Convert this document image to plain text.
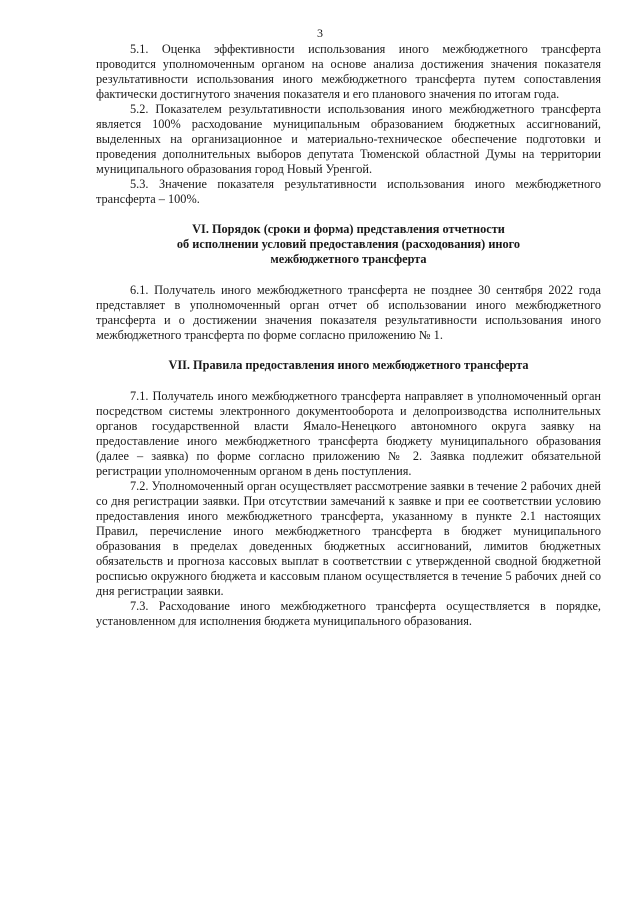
3

5.1. Оценка эффективности использования иного межбюджетного трансферта проводится уполномоченным органом на основе анализа достижения значения показателя результативности использования иного межбюджетного трансферта путем сопоставления фактически достигнутого значения показателя и его планового значения по итогам года.

5.2. Показателем результативности использования иного межбюджетного трансферта является 100% расходование муниципальным образованием бюджетных ассигнований, выделенных на организационное и материально-техническое обеспечение подготовки и проведения дополнительных выборов депутата Тюменской областной Думы на территории муниципального образования город Новый Уренгой.

5.3. Значение показателя результативности использования иного межбюджетного трансферта – 100%.

VI. Порядок (сроки и форма) представления отчетности

об исполнении условий предоставления (расходования) иного

межбюджетного трансферта

6.1. Получатель иного межбюджетного трансферта не позднее 30 сентября 2022 года представляет в уполномоченный орган отчет об использовании иного межбюджетного трансферта и о достижении значения показателя результативности использования иного межбюджетного трансферта по форме согласно приложению № 1.

VII. Правила предоставления иного межбюджетного трансферта

7.1. Получатель иного межбюджетного трансферта направляет в уполномоченный орган посредством системы электронного документооборота и делопроизводства исполнительных органов государственной власти Ямало-Ненецкого автономного округа заявку на предоставление иного межбюджетного трансферта бюджету муниципального образования (далее – заявка) по форме согласно приложению № 2. Заявка подлежит обязательной регистрации уполномоченным органом в день поступления.

7.2. Уполномоченный орган осуществляет рассмотрение заявки в течение 2 рабочих дней со дня регистрации заявки. При отсутствии замечаний к заявке и при ее соответствии условию предоставления иного межбюджетного трансферта, указанному в пункте 2.1 настоящих Правил, перечисление иного межбюджетного трансферта в бюджет муниципального образования в пределах доведенных бюджетных ассигнований, лимитов бюджетных обязательств и прогноза кассовых выплат в соответствии с утвержденной сводной бюджетной росписью окружного бюджета и кассовым планом осуществляется в течение 5 рабочих дней со дня регистрации заявки.

7.3. Расходование иного межбюджетного трансферта осуществляется в порядке, установленном для исполнения бюджета муниципального образования.
